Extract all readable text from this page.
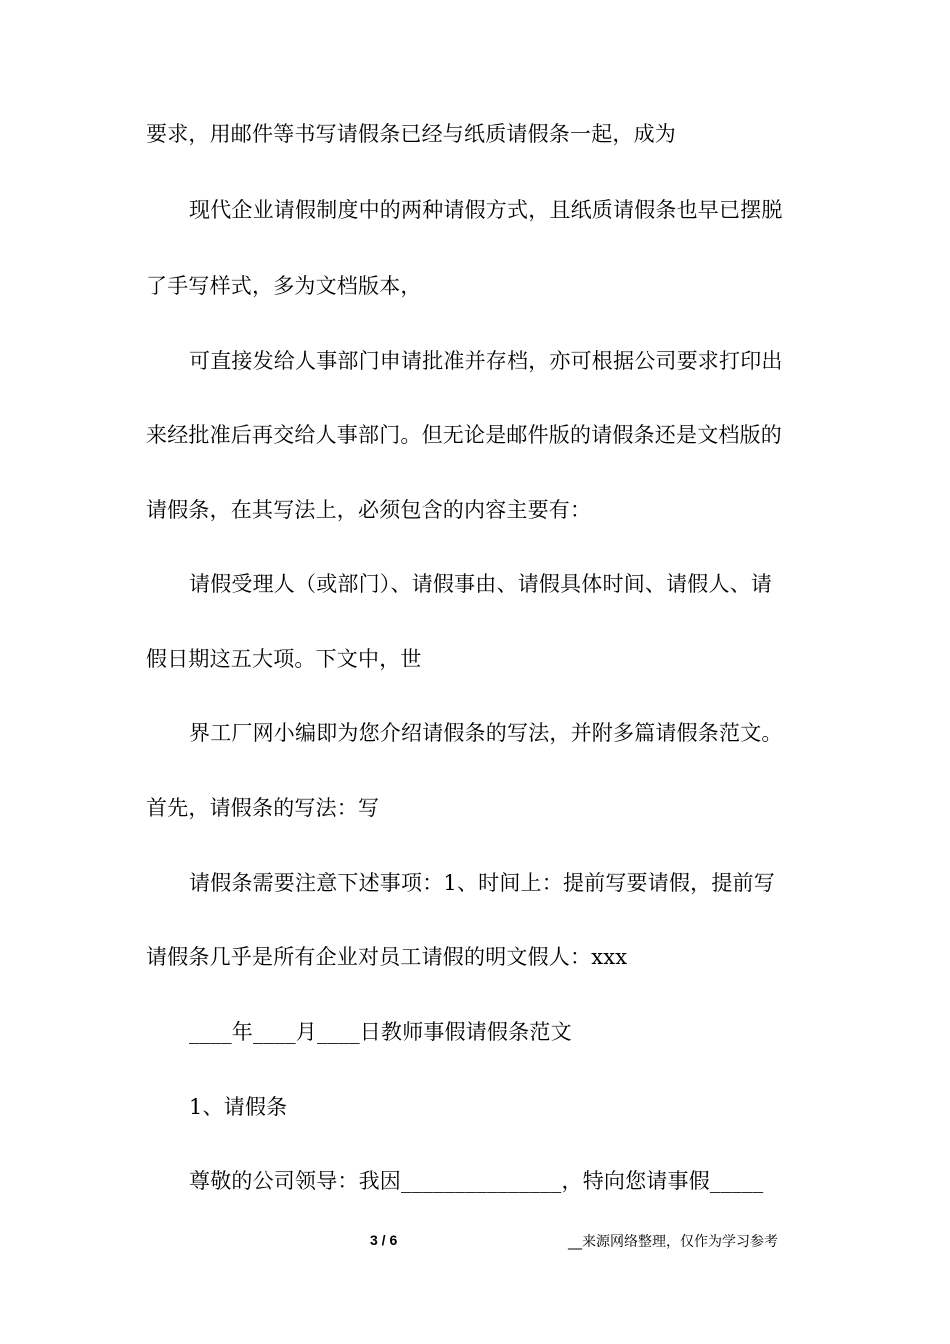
要求，用邮件等书写请假条已经与纸质请假条一起，成为
现代企业请假制度中的两种请假方式，且纸质请假条也早已摆脱
了手写样式，多为文档版本，
可直接发给人事部门申请批准并存档，亦可根据公司要求打印出
来经批准后再交给人事部门。但无论是邮件版的请假条还是文档版的
请假条，在其写法上，必须包含的内容主要有：
请假受理人（或部门）、请假事由、请假具体时间、请假人、请
假日期这五大项。下文中，世
界工厂网小编即为您介绍请假条的写法，并附多篇请假条范文。
首先，请假条的写法：写
请假条需要注意下述事项：1、时间上：提前写要请假，提前写
请假条几乎是所有企业对员工请假的明文假人：xxx
____年____月____日教师事假请假条范文
1、请假条
尊敬的公司领导：我因_______________，特向您请事假_____
3 / 6	__来源网络整理，仅作为学习参考
